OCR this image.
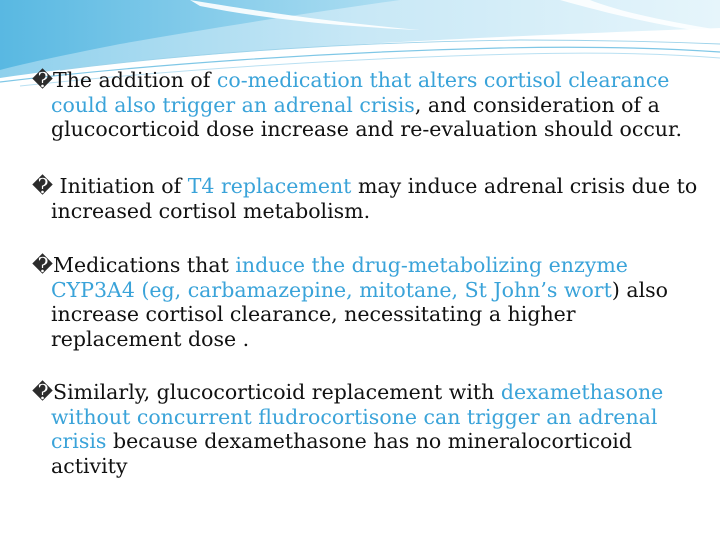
�The addition of co-medication that alters cortisol clearance could also trigger an adrenal crisis, and consideration of a glucocorticoid dose increase and re-evaluation should occur.
� Initiation of T4 replacement may induce adrenal crisis due to increased cortisol metabolism.
�Medications that induce the drug-metabolizing enzyme CYP3A4 (eg, carbamazepine, mitotane, St John’s wort) also increase cortisol clearance, necessitating a higher replacement dose .
�Similarly, glucocorticoid replacement with dexamethasone without concurrent fludrocortisone can trigger an adrenal crisis because dexamethasone has no mineralocorticoid activity
